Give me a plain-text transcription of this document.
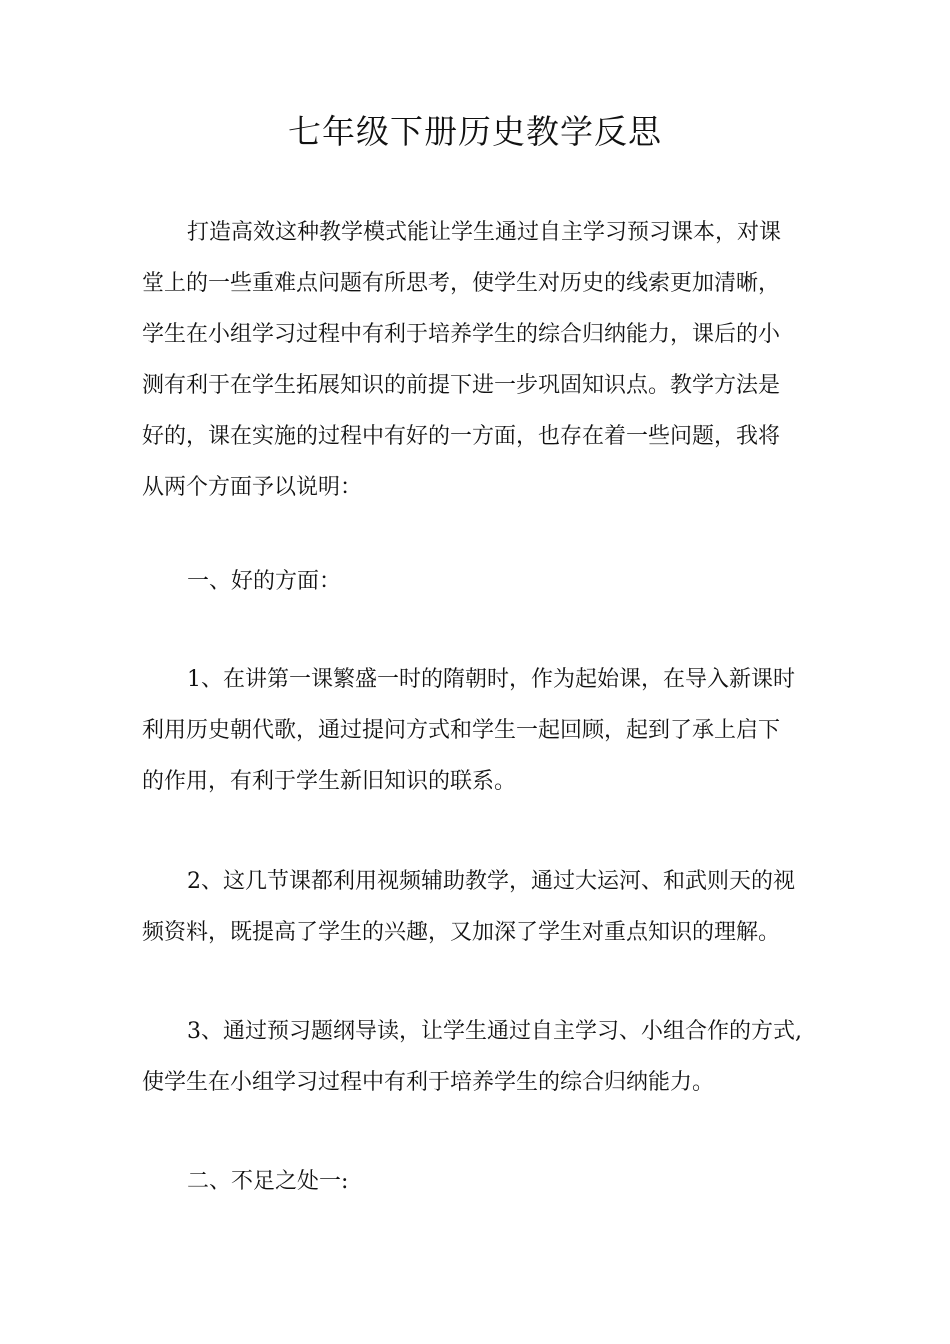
七年级下册历史教学反思
打造高效这种教学模式能让学生通过自主学习预习课本，对课
堂上的一些重难点问题有所思考，使学生对历史的线索更加清晰，
学生在小组学习过程中有利于培养学生的综合归纳能力，课后的小
测有利于在学生拓展知识的前提下进一步巩固知识点。教学方法是
好的，课在实施的过程中有好的一方面，也存在着一些问题，我将
从两个方面予以说明：
一、好的方面：
1、在讲第一课繁盛一时的隋朝时，作为起始课，在导入新课时
利用历史朝代歌，通过提问方式和学生一起回顾，起到了承上启下
的作用，有利于学生新旧知识的联系。
2、这几节课都利用视频辅助教学，通过大运河、和武则天的视
频资料，既提高了学生的兴趣，又加深了学生对重点知识的理解。
3、通过预习题纲导读，让学生通过自主学习、小组合作的方式,
使学生在小组学习过程中有利于培养学生的综合归纳能力。
二、不足之处一:
